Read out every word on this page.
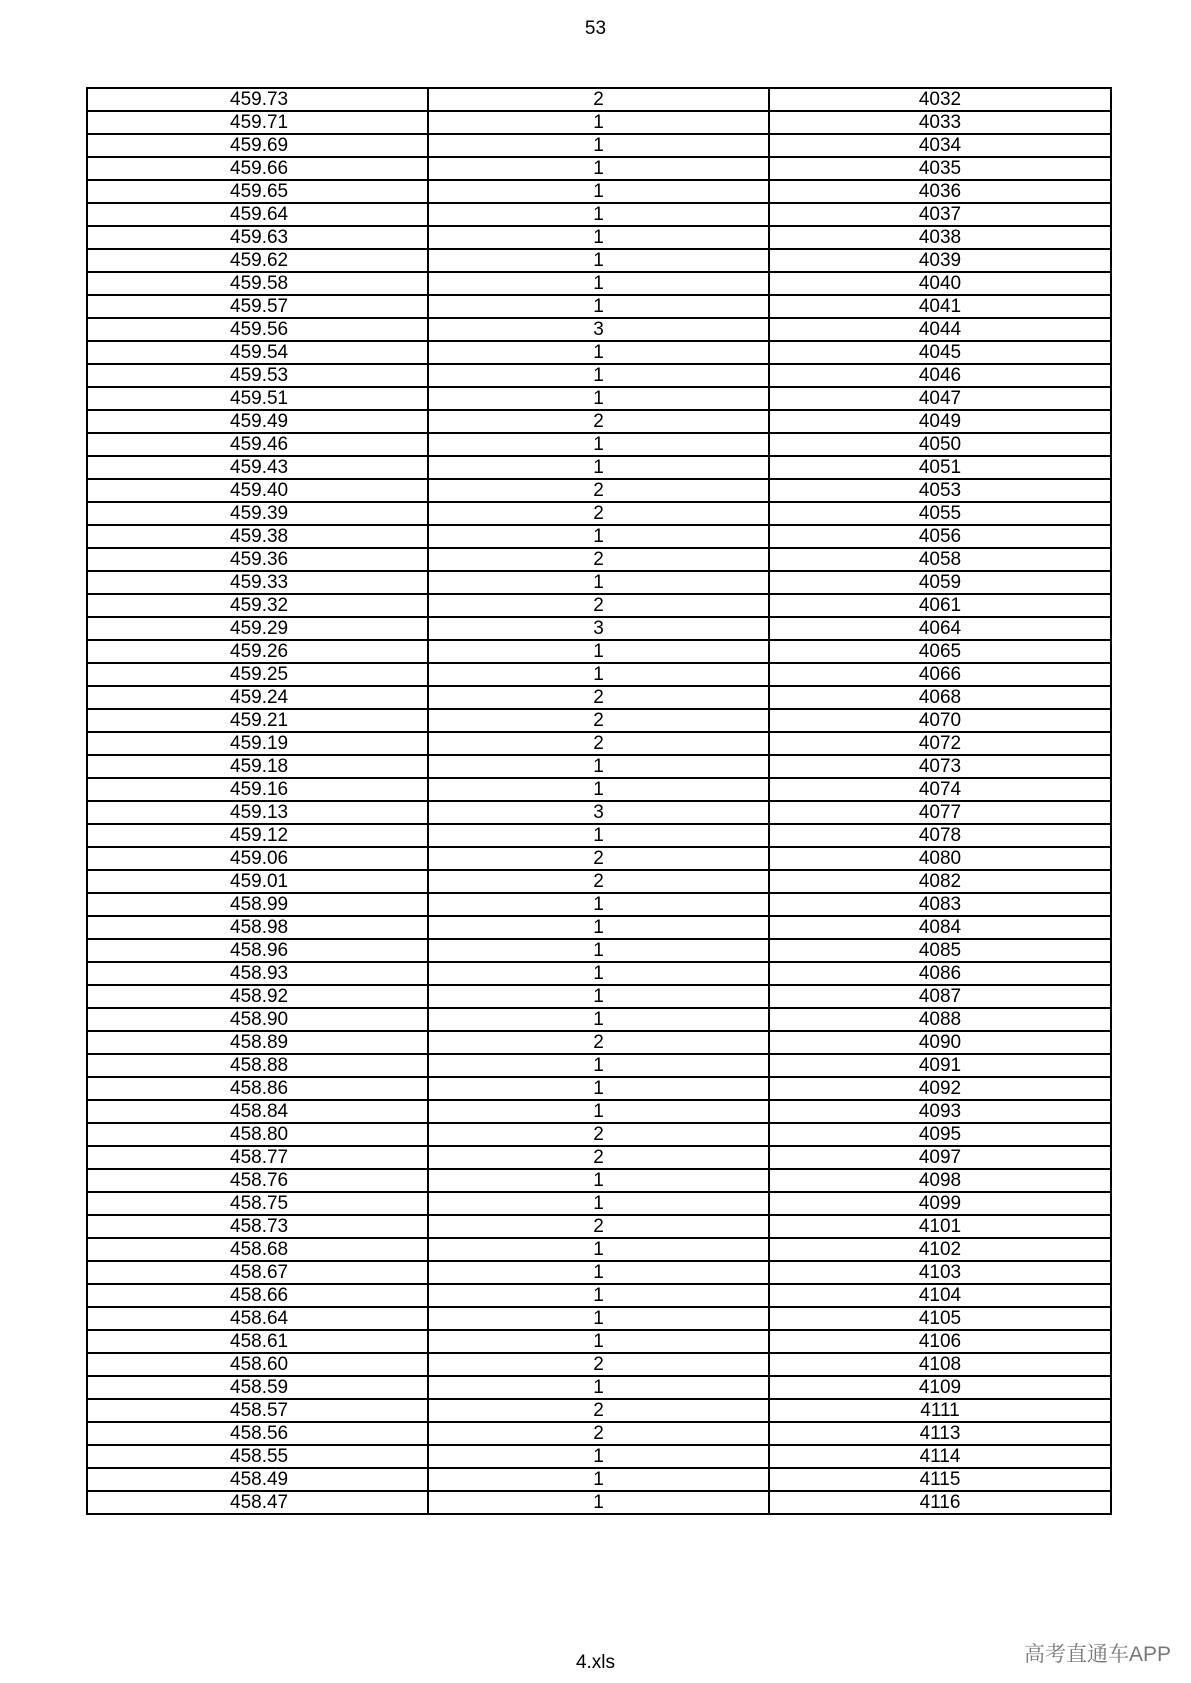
53
459.73	2	4032
459.71	1	4033
459.69	1	4034
459.66	1	4035
459.65	1	4036
459.64	1	4037
459.63	1	4038
459.62	1	4039
459.58	1	4040
459.57	1	4041
459.56	3	4044
459.54	1	4045
459.53	1	4046
459.51	1	4047
459.49	2	4049
459.46	1	4050
459.43	1	4051
459.40	2	4053
459.39	2	4055
459.38	1	4056
459.36	2	4058
459.33	1	4059
459.32	2	4061
459.29	3	4064
459.26	1	4065
459.25	1	4066
459.24	2	4068
459.21	2	4070
459.19	2	4072
459.18	1	4073
459.16	1	4074
459.13	3	4077
459.12	1	4078
459.06	2	4080
459.01	2	4082
458.99	1	4083
458.98	1	4084
458.96	1	4085
458.93	1	4086
458.92	1	4087
458.90	1	4088
458.89	2	4090
458.88	1	4091
458.86	1	4092
458.84	1	4093
458.80	2	4095
458.77	2	4097
458.76	1	4098
458.75	1	4099
458.73	2	4101
458.68	1	4102
458.67	1	4103
458.66	1	4104
458.64	1	4105
458.61	1	4106
458.60	2	4108
458.59	1	4109
458.57	2	4111
458.56	2	4113
458.55	1	4114
458.49	1	4115
458.47	1	4116
4.xls	高考直通车APP
